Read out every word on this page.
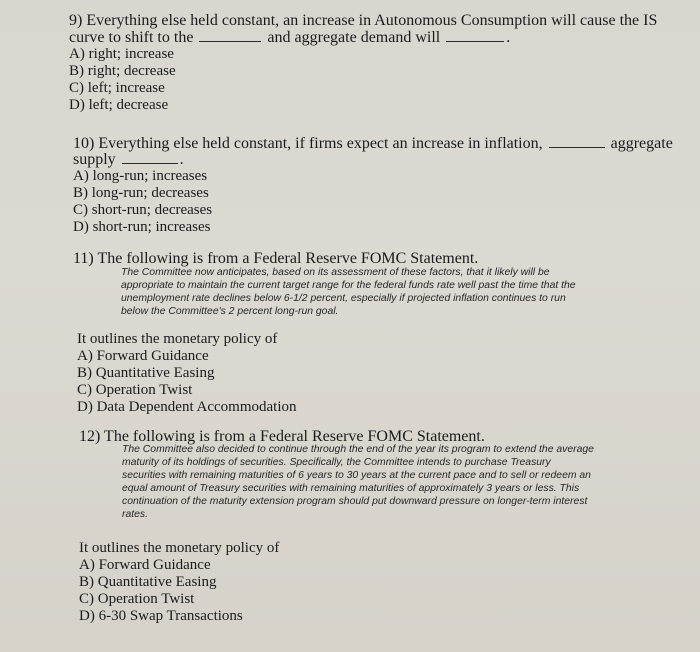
9) Everything else held constant, an increase in Autonomous Consumption will cause the IS
curve to shift to the	and aggregate demand will	.
A) right; increase
B) right; decrease
C) left; increase
D) left; decrease
10) Everything else held constant, if firms expect an increase in inflation,	aggregate
supply	.
A) long-run; increases
B) long-run; decreases
C) short-run; decreases
D) short-run; increases
11) The following is from a Federal Reserve FOMC Statement.
The Committee now anticipates, based on its assessment of these factors, that it likely will be
appropriate to maintain the current target range for the federal funds rate well past the time that the
unemployment rate declines below 6-1/2 percent, especially if projected inflation continues to run
below the Committee's 2 percent long-run goal.
It outlines the monetary policy of
A) Forward Guidance
B) Quantitative Easing
C) Operation Twist
D) Data Dependent Accommodation
12) The following is from a Federal Reserve FOMC Statement.
The Committee also decided to continue through the end of the year its program to extend the average
maturity of its holdings of securities. Specifically, the Committee intends to purchase Treasury
securities with remaining maturities of 6 years to 30 years at the current pace and to sell or redeem an
equal amount of Treasury securities with remaining maturities of approximately 3 years or less. This
continuation of the maturity extension program should put downward pressure on longer-term interest
rates.
It outlines the monetary policy of
A) Forward Guidance
B) Quantitative Easing
C) Operation Twist
D) 6-30 Swap Transactions
